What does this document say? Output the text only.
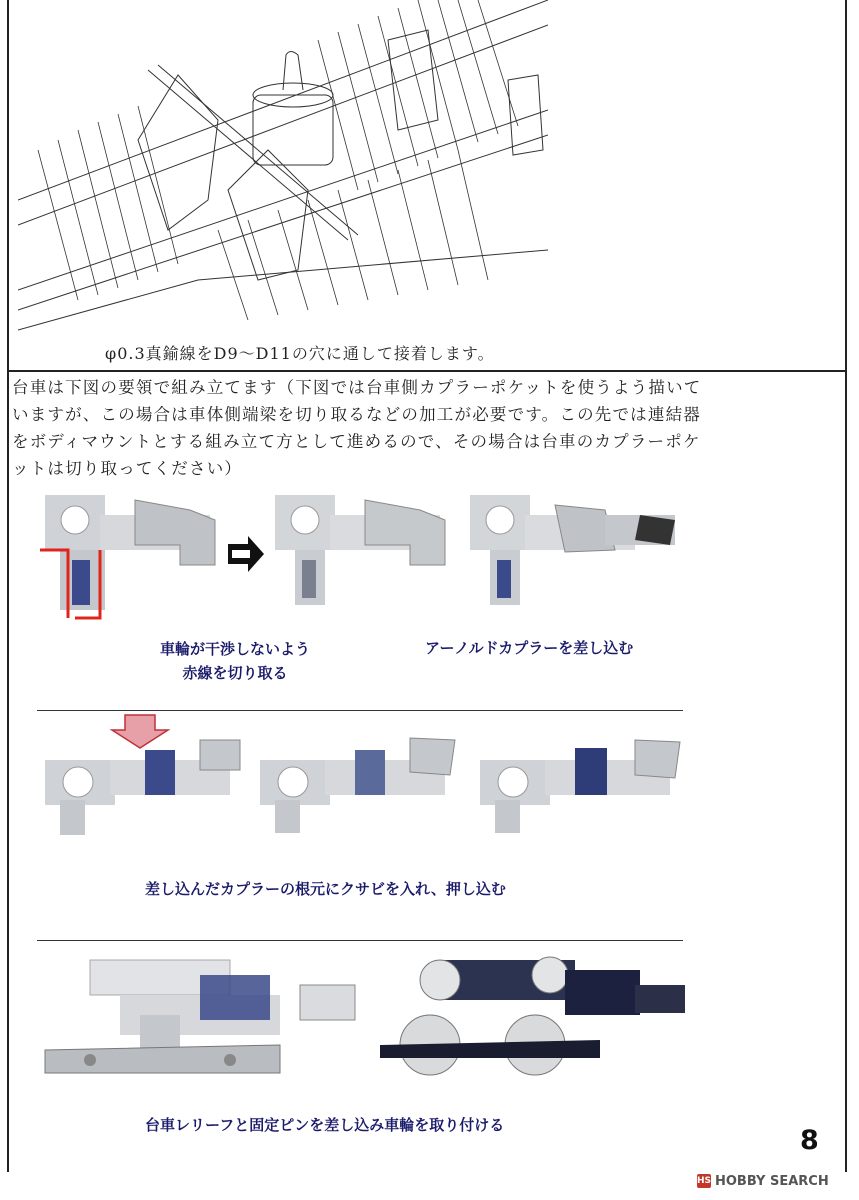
φ0.3真鍮線をD9〜D11の穴に通して接着します。
台車は下図の要領で組み立てます（下図では台車側カプラーポケットを使うよう描いて
いますが、この場合は車体側端梁を切り取るなどの加工が必要です。この先では連結器
をボディマウントとする組み立て方として進めるので、その場合は台車のカプラーポケ
ットは切り取ってください）
車輪が干渉しないよう
赤線を切り取る
アーノルドカプラーを差し込む
差し込んだカプラーの根元にクサビを入れ、押し込む
台車レリーフと固定ピンを差し込み車輪を取り付ける	8
HS HOBBY SEARCH
